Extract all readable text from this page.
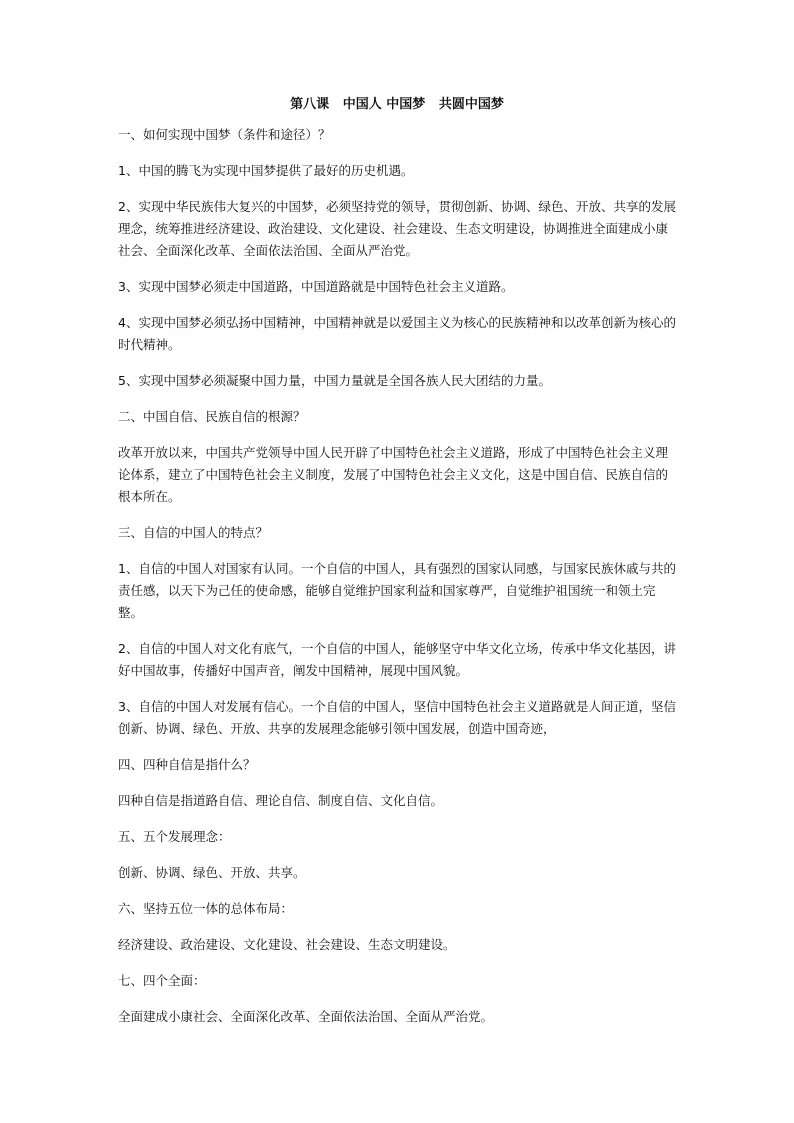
第八课   中国人 中国梦   共圆中国梦
一、如何实现中国梦（条件和途径）？
1、中国的腾飞为实现中国梦提供了最好的历史机遇。
2、实现中华民族伟大复兴的中国梦，必须坚持党的领导，贯彻创新、协调、绿色、开放、共享的发展理念，统筹推进经济建设、政治建设、文化建设、社会建设、生态文明建设，协调推进全面建成小康社会、全面深化改革、全面依法治国、全面从严治党。
3、实现中国梦必须走中国道路，中国道路就是中国特色社会主义道路。
4、实现中国梦必须弘扬中国精神，中国精神就是以爱国主义为核心的民族精神和以改革创新为核心的时代精神。
5、实现中国梦必须凝聚中国力量，中国力量就是全国各族人民大团结的力量。
二、中国自信、民族自信的根源？
改革开放以来，中国共产党领导中国人民开辟了中国特色社会主义道路，形成了中国特色社会主义理论体系，建立了中国特色社会主义制度，发展了中国特色社会主义文化，这是中国自信、民族自信的根本所在。
三、自信的中国人的特点？
1、自信的中国人对国家有认同。一个自信的中国人，具有强烈的国家认同感，与国家民族休戚与共的责任感，以天下为己任的使命感，能够自觉维护国家利益和国家尊严，自觉维护祖国统一和领土完整。
2、自信的中国人对文化有底气，一个自信的中国人，能够坚守中华文化立场，传承中华文化基因，讲好中国故事，传播好中国声音，阐发中国精神，展现中国风貌。
3、自信的中国人对发展有信心。一个自信的中国人，坚信中国特色社会主义道路就是人间正道，坚信创新、协调、绿色、开放、共享的发展理念能够引领中国发展，创造中国奇迹，
四、四种自信是指什么？
四种自信是指道路自信、理论自信、制度自信、文化自信。
五、五个发展理念：
创新、协调、绿色、开放、共享。
六、坚持五位一体的总体布局：
经济建设、政治建设、文化建设、社会建设、生态文明建设。
七、四个全面：
全面建成小康社会、全面深化改革、全面依法治国、全面从严治党。
